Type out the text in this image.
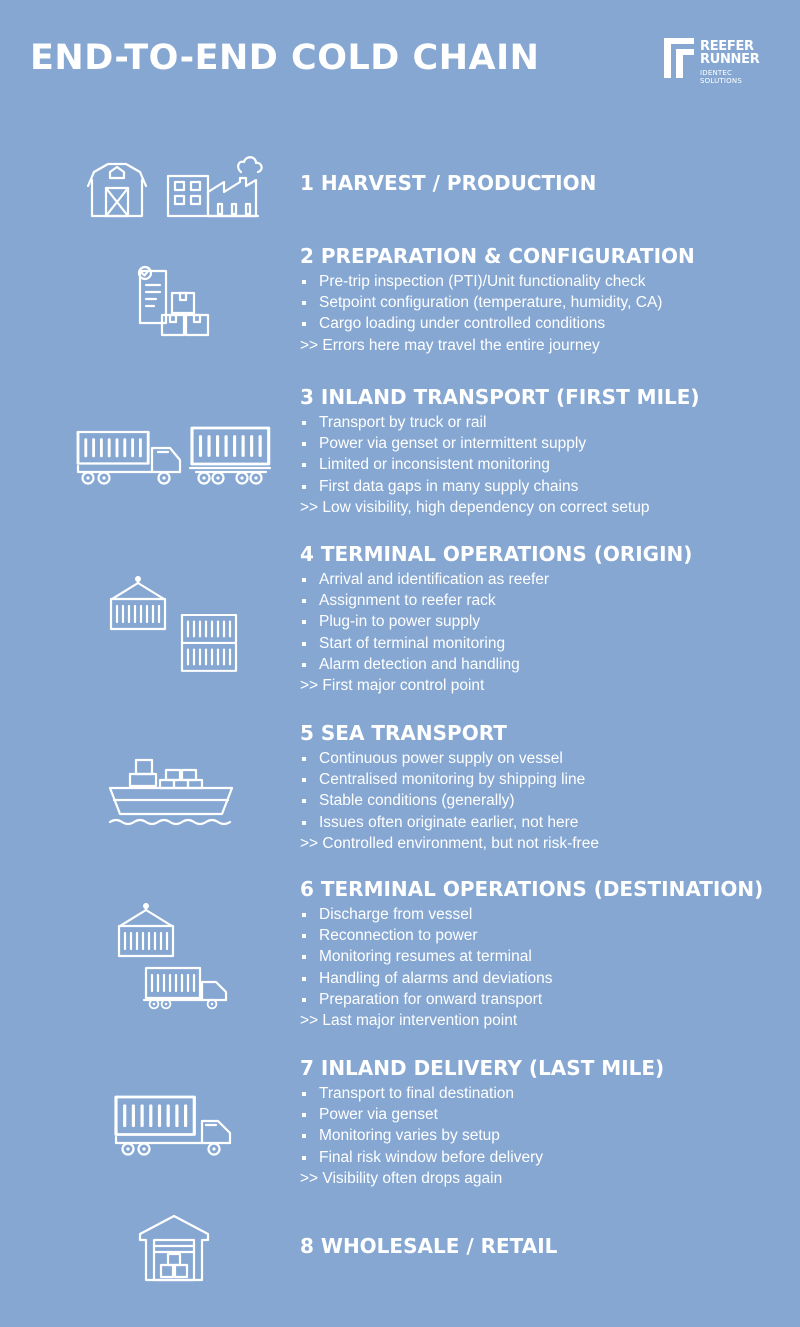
END-TO-END COLD CHAIN	REEFER
RUNNER
IDENTEC SOLUTIONS
1 HARVEST / PRODUCTION
2 PREPARATION & CONFIGURATION
Pre-trip inspection (PTI)/Unit functionality check
Setpoint configuration (temperature, humidity, CA)
Cargo loading under controlled conditions
>> Errors here may travel the entire journey
3 INLAND TRANSPORT (FIRST MILE)
Transport by truck or rail
Power via genset or intermittent supply
Limited or inconsistent monitoring
First data gaps in many supply chains
>> Low visibility, high dependency on correct setup
4 TERMINAL OPERATIONS (ORIGIN)
Arrival and identification as reefer
Assignment to reefer rack
Plug-in to power supply
Start of terminal monitoring
Alarm detection and handling
>> First major control point
5 SEA TRANSPORT
Continuous power supply on vessel
Centralised monitoring by shipping line
Stable conditions (generally)
Issues often originate earlier, not here
>> Controlled environment, but not risk-free
6 TERMINAL OPERATIONS (DESTINATION)
Discharge from vessel
Reconnection to power
Monitoring resumes at terminal
Handling of alarms and deviations
Preparation for onward transport
>> Last major intervention point
7 INLAND DELIVERY (LAST MILE)
Transport to final destination
Power via genset
Monitoring varies by setup
Final risk window before delivery
>> Visibility often drops again
8 WHOLESALE / RETAIL
